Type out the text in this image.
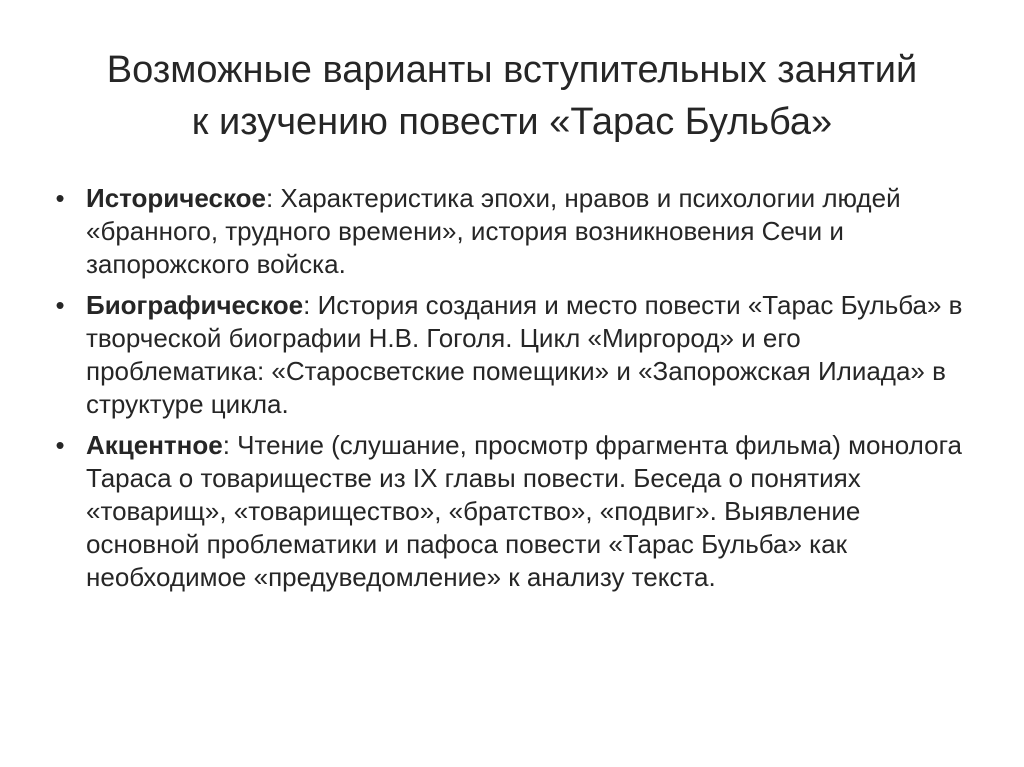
Возможные варианты вступительных занятий
к изучению повести «Тарас Бульба»
• Историческое: Характеристика эпохи, нравов и психологии людей «бранного, трудного времени», история возникновения Сечи и запорожского войска.
• Биографическое: История создания и место повести «Тарас Бульба» в творческой биографии Н.В. Гоголя. Цикл «Миргород» и его проблематика: «Старосветские помещики» и «Запорожская Илиада» в структуре цикла.
• Акцентное: Чтение (слушание, просмотр фрагмента фильма) монолога Тараса о товариществе из IX главы повести. Беседа о понятиях «товарищ», «товарищество», «братство», «подвиг». Выявление основной проблематики и пафоса повести «Тарас Бульба» как необходимое «предуведомление» к анализу текста.
